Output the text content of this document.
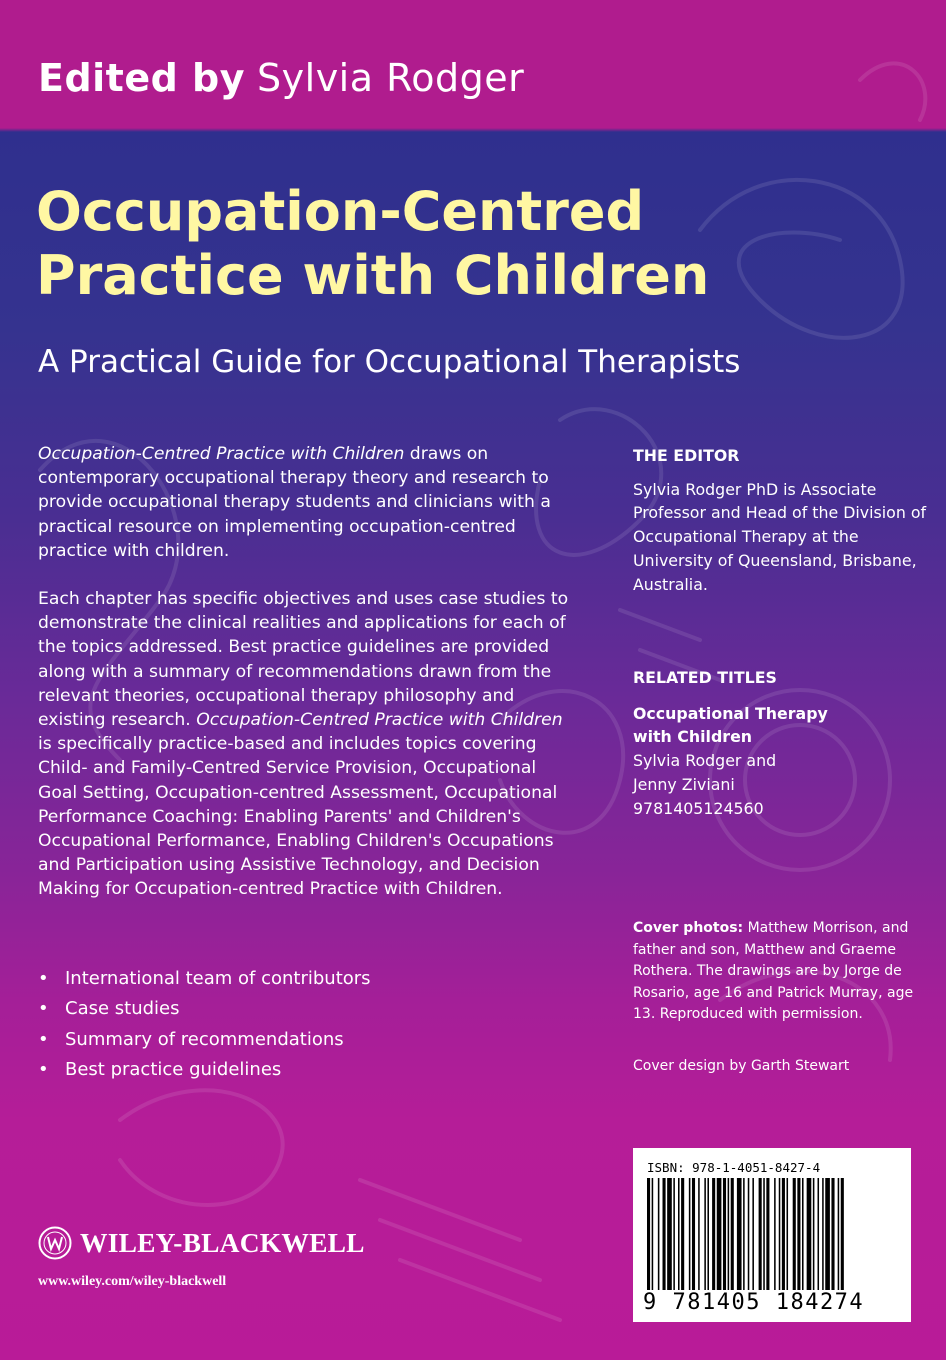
Edited by Sylvia Rodger
Occupation-Centred
Practice with Children
A Practical Guide for Occupational Therapists

Occupation-Centred Practice with Children draws on contemporary occupational therapy theory and research to provide occupational therapy students and clinicians with a practical resource on implementing occupation-centred practice with children.

Each chapter has specific objectives and uses case studies to demonstrate the clinical realities and applications for each of the topics addressed. Best practice guidelines are provided along with a summary of recommendations drawn from the relevant theories, occupational therapy philosophy and existing research. Occupation-Centred Practice with Children is specifically practice-based and includes topics covering Child- and Family-Centred Service Provision, Occupational Goal Setting, Occupation-centred Assessment, Occupational Performance Coaching: Enabling Parents' and Children's Occupational Performance, Enabling Children's Occupations and Participation using Assistive Technology, and Decision Making for Occupation-centred Practice with Children.

• International team of contributors
• Case studies
• Summary of recommendations
• Best practice guidelines
THE EDITOR
Sylvia Rodger PhD is Associate Professor and Head of the Division of Occupational Therapy at the University of Queensland, Brisbane, Australia.
RELATED TITLES
Occupational Therapy with Children
Sylvia Rodger and Jenny Ziviani
9781405124560
Cover photos: Matthew Morrison, and father and son, Matthew and Graeme Rothera. The drawings are by Jorge de Rosario, age 16 and Patrick Murray, age 13. Reproduced with permission.
Cover design by Garth Stewart
WILEY-BLACKWELL
www.wiley.com/wiley-blackwell
ISBN: 978-1-4051-8427-4
9 781405 184274
